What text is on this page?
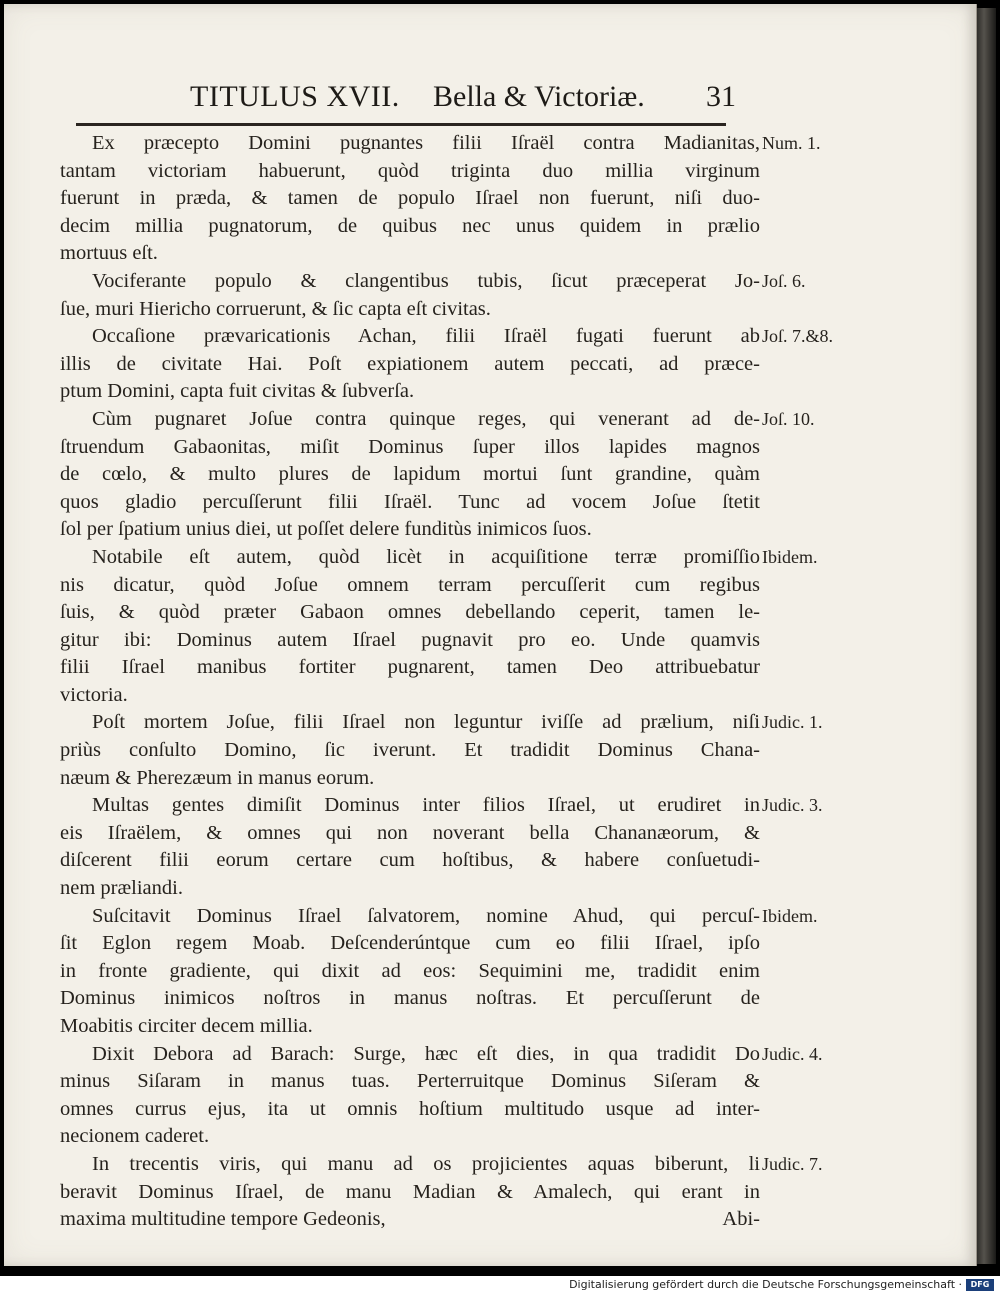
TITULUS XVII. Bella & Victoriæ. 31
Ex præcepto Domini pugnantes filii Iſraël contra Madianitas,
tantam victoriam habuerunt, quòd triginta duo millia virginum
fuerunt in præda, & tamen de populo Iſrael non fuerunt, niſi duo-
decim millia pugnatorum, de quibus nec unus quidem in prælio
mortuus eſt.
Num. 1.
Vociferante populo & clangentibus tubis, ſicut præceperat Jo-
ſue, muri Hiericho corruerunt, & ſic capta eſt civitas.
Joſ. 6.
Occaſione prævaricationis Achan, filii Iſraël fugati fuerunt ab
illis de civitate Hai. Poſt expiationem autem peccati, ad præce-
ptum Domini, capta fuit civitas & ſubverſa.
Joſ. 7.&8.
Cùm pugnaret Joſue contra quinque reges, qui venerant ad de-
ſtruendum Gabaonitas, miſit Dominus ſuper illos lapides magnos
de cœlo, & multo plures de lapidum mortui ſunt grandine, quàm
quos gladio percuſſerunt filii Iſraël. Tunc ad vocem Joſue ſtetit
ſol per ſpatium unius diei, ut poſſet delere funditùs inimicos ſuos.
Joſ. 10.
Notabile eſt autem, quòd licèt in acquiſitione terræ promiſſio
nis dicatur, quòd Joſue omnem terram percuſſerit cum regibus
ſuis, & quòd præter Gabaon omnes debellando ceperit, tamen le-
gitur ibi: Dominus autem Iſrael pugnavit pro eo. Unde quamvis
filii Iſrael manibus fortiter pugnarent, tamen Deo attribuebatur
victoria.
Ibidem.
Poſt mortem Joſue, filii Iſrael non leguntur iviſſe ad prælium, niſi
priùs conſulto Domino, ſic iverunt. Et tradidit Dominus Chana-
næum & Pherezæum in manus eorum.
Judic. 1.
Multas gentes dimiſit Dominus inter filios Iſrael, ut erudiret in
eis Iſraëlem, & omnes qui non noverant bella Chananæorum, &
diſcerent filii eorum certare cum hoſtibus, & habere conſuetudi-
nem præliandi.
Judic. 3.
Suſcitavit Dominus Iſrael ſalvatorem, nomine Ahud, qui percuſ-
ſit Eglon regem Moab. Deſcenderúntque cum eo filii Iſrael, ipſo
in fronte gradiente, qui dixit ad eos: Sequimini me, tradidit enim
Dominus inimicos noſtros in manus noſtras. Et percuſſerunt de
Moabitis circiter decem millia.
Ibidem.
Dixit Debora ad Barach: Surge, hæc eſt dies, in qua tradidit Do
minus Siſaram in manus tuas. Perterruitque Dominus Siſeram &
omnes currus ejus, ita ut omnis hoſtium multitudo usque ad inter-
necionem caderet.
Judic. 4.
In trecentis viris, qui manu ad os projicientes aquas biberunt, li
beravit Dominus Iſrael, de manu Madian & Amalech, qui erant in
maxima multitudine tempore Gedeonis,
Judic. 7.
Abi-
Digitalisierung gefördert durch die Deutsche Forschungsgemeinschaft ·	DFG
